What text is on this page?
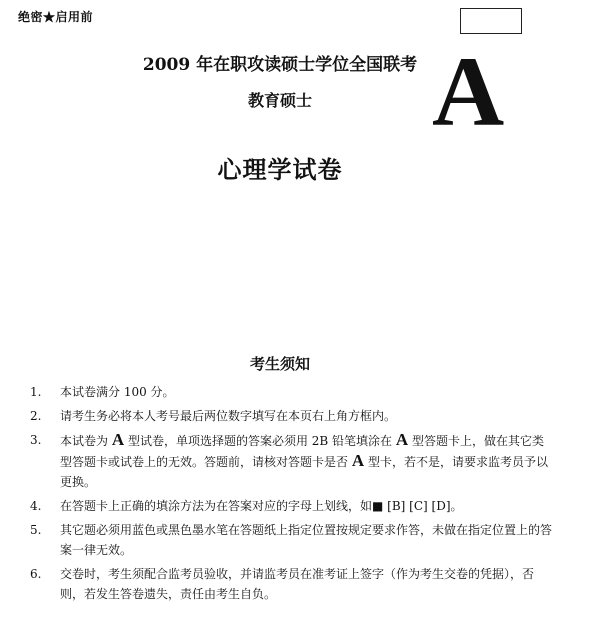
绝密★启用前
2009 年在职攻读硕士学位全国联考
教育硕士	A
心理学试卷
考生须知
1.	本试卷满分 100 分。
2.	请考生务必将本人考号最后两位数字填写在本页右上角方框内。
3.	本试卷为 A 型试卷，单项选择题的答案必须用 2B 铅笔填涂在 A 型答题卡上，做在其它类型答题卡或试卷上的无效。答题前，请核对答题卡是否 A 型卡，若不是，请要求监考员予以更换。
4.	在答题卡上正确的填涂方法为在答案对应的字母上划线，如■ [B] [C] [D]。
5.	其它题必须用蓝色或黑色墨水笔在答题纸上指定位置按规定要求作答，未做在指定位置上的答案一律无效。
6.	交卷时，考生须配合监考员验收，并请监考员在准考证上签字（作为考生交卷的凭据），否则，若发生答卷遗失，责任由考生自负。
